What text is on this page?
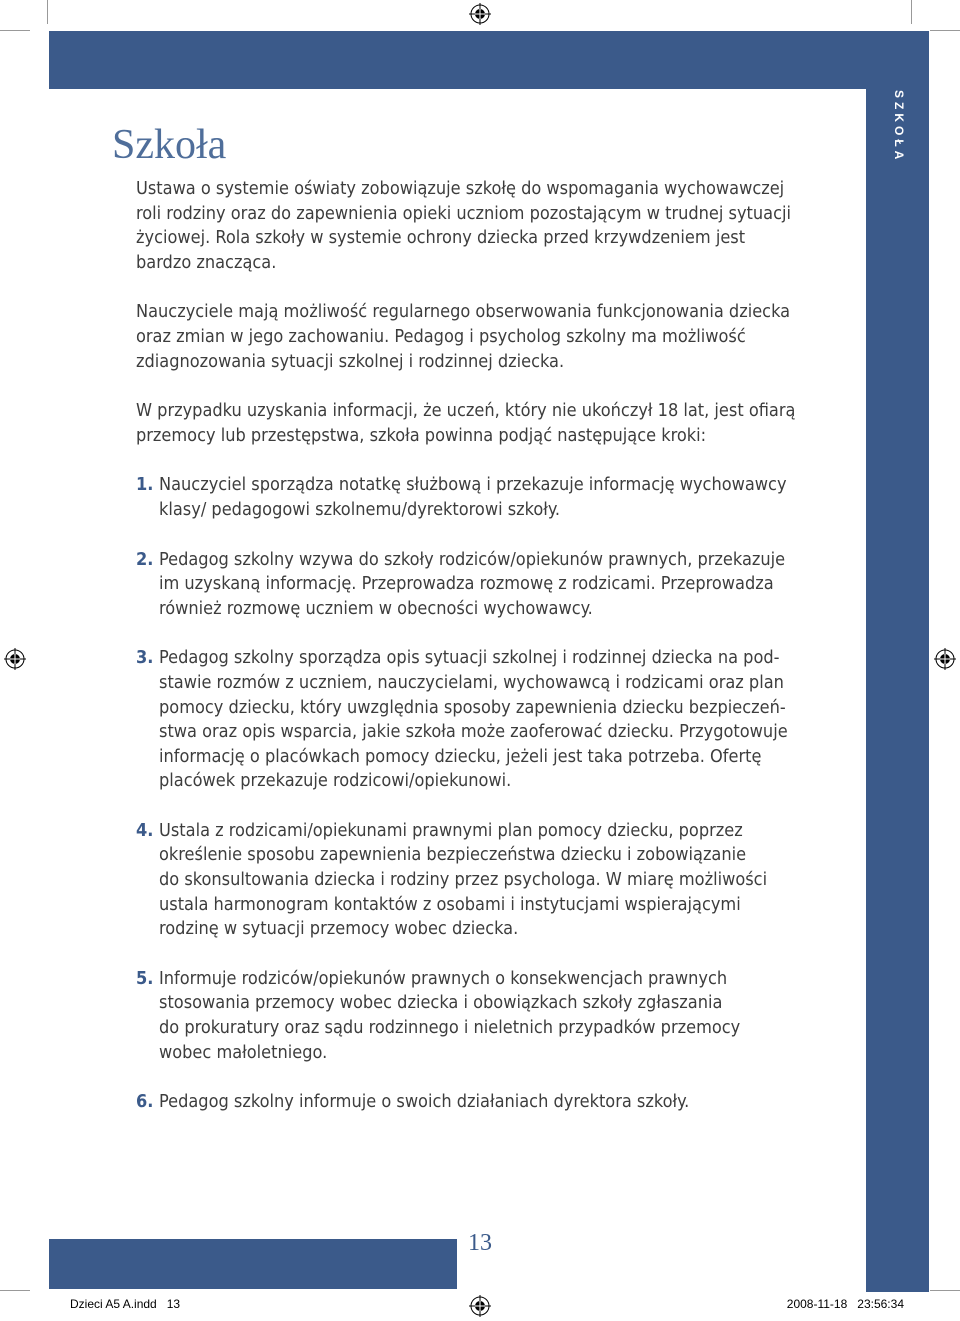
SZKOŁA
13
Szkoła

Ustawa o systemie oświaty zobowiązuje szkołę do wspomagania wychowawczej
roli rodziny oraz do zapewnienia opieki uczniom pozostającym w trudnej sytuacji
życiowej. Rola szkoły w systemie ochrony dziecka przed krzywdzeniem jest
bardzo znacząca.

Nauczyciele mają możliwość regularnego obserwowania funkcjonowania dziecka
oraz zmian w jego zachowaniu. Pedagog i psycholog szkolny ma możliwość
zdiagnozowania sytuacji szkolnej i rodzinnej dziecka.

W przypadku uzyskania informacji, że uczeń, który nie ukończył 18 lat, jest ofiarą
przemocy lub przestępstwa, szkoła powinna podjąć następujące kroki:

1. Nauczyciel sporządza notatkę służbową i przekazuje informację wychowawcy
klasy/ pedagogowi szkolnemu/dyrektorowi szkoły.
2. Pedagog szkolny wzywa do szkoły rodziców/opiekunów prawnych, przekazuje
im uzyskaną informację. Przeprowadza rozmowę z rodzicami. Przeprowadza
również rozmowę uczniem w obecności wychowawcy.
3. Pedagog szkolny sporządza opis sytuacji szkolnej i rodzinnej dziecka na pod-
stawie rozmów z uczniem, nauczycielami, wychowawcą i rodzicami oraz plan
pomocy dziecku, który uwzględnia sposoby zapewnienia dziecku bezpieczeń-
stwa oraz opis wsparcia, jakie szkoła może zaoferować dziecku. Przygotowuje
informację o placówkach pomocy dziecku, jeżeli jest taka potrzeba. Ofertę
placówek przekazuje rodzicowi/opiekunowi.
4. Ustala z rodzicami/opiekunami prawnymi plan pomocy dziecku, poprzez
określenie sposobu zapewnienia bezpieczeństwa dziecku i zobowiązanie
do skonsultowania dziecka i rodziny przez psychologa. W miarę możliwości
ustala harmonogram kontaktów z osobami i instytucjami wspierającymi
rodzinę w sytuacji przemocy wobec dziecka.
5. Informuje rodziców/opiekunów prawnych o konsekwencjach prawnych
stosowania przemocy wobec dziecka i obowiązkach szkoły zgłaszania
do prokuratury oraz sądu rodzinnego i nieletnich przypadków przemocy
wobec małoletniego.
6. Pedagog szkolny informuje o swoich działaniach dyrektora szkoły.
Dzieci A5 A.indd   13	2008-11-18   23:56:34
